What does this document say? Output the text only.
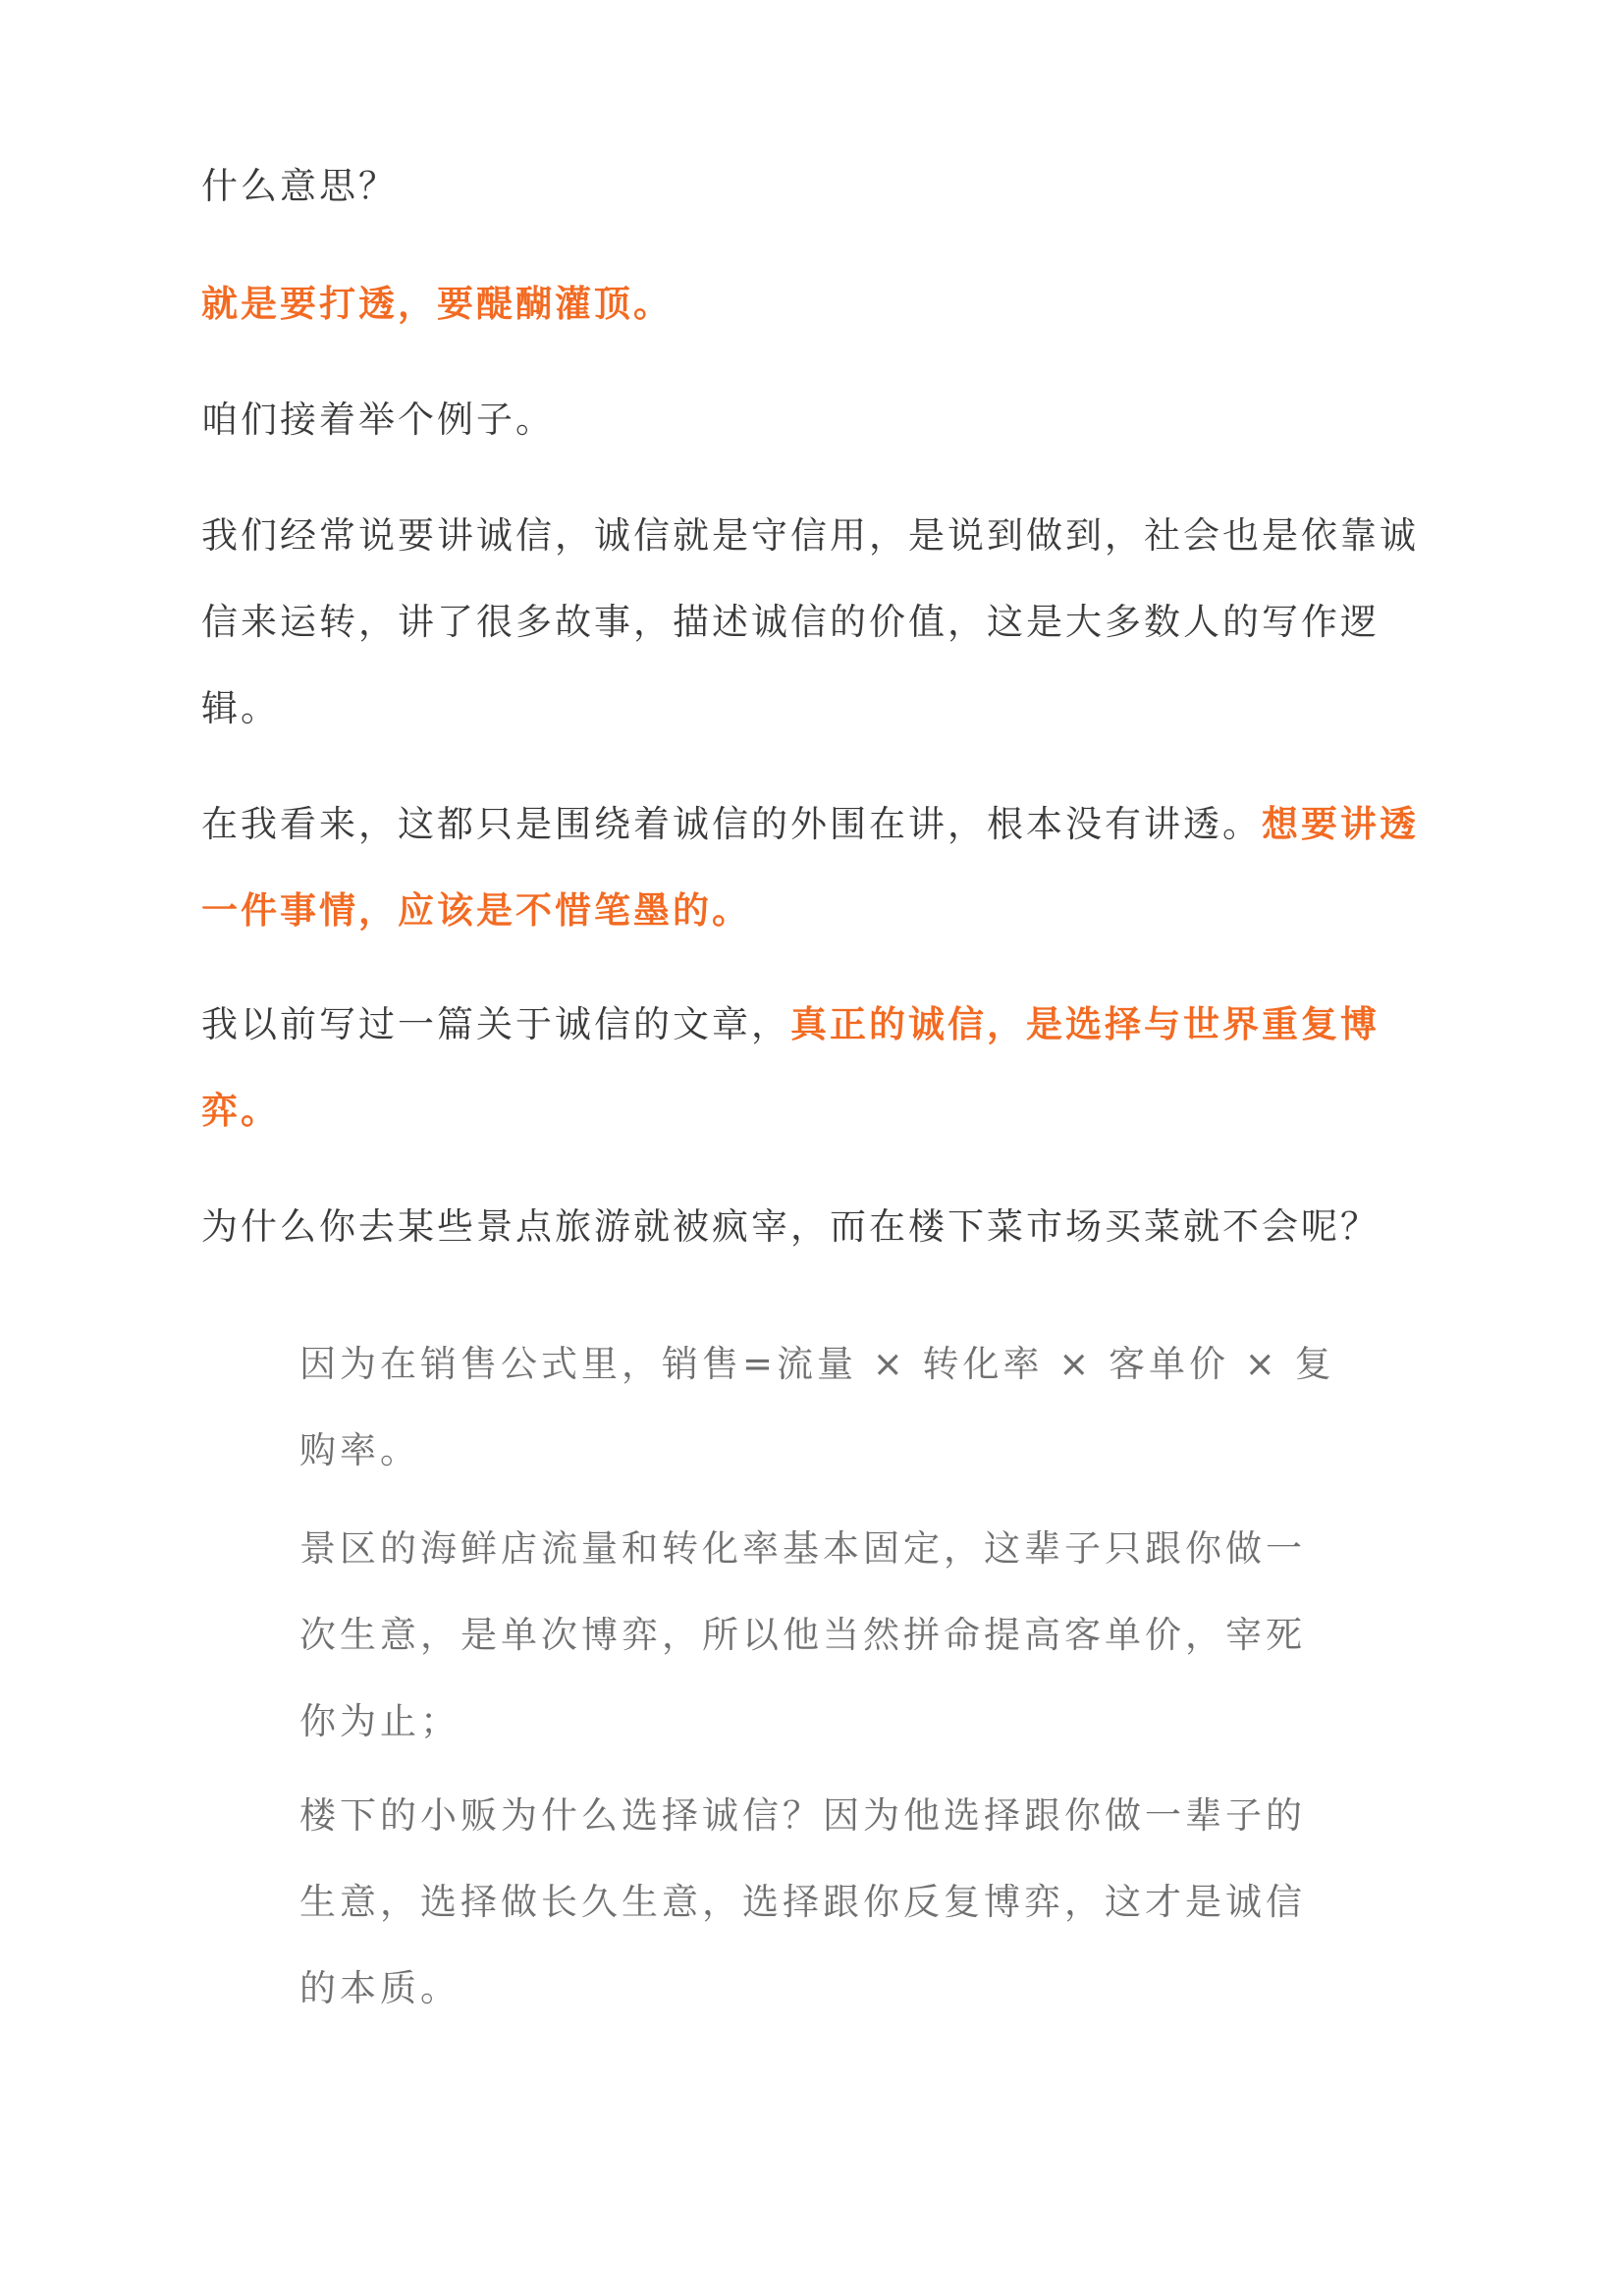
什么意思？

就是要打透，要醍醐灌顶。

咱们接着举个例子。

我们经常说要讲诚信，诚信就是守信用，是说到做到，社会也是依靠诚信来运转，讲了很多故事，描述诚信的价值，这是大多数人的写作逻辑。

在我看来，这都只是围绕着诚信的外围在讲，根本没有讲透。想要讲透一件事情，应该是不惜笔墨的。

我以前写过一篇关于诚信的文章，真正的诚信，是选择与世界重复博弈。

为什么你去某些景点旅游就被疯宰，而在楼下菜市场买菜就不会呢？

因为在销售公式里，销售=流量 × 转化率 × 客单价 × 复购率。

景区的海鲜店流量和转化率基本固定，这辈子只跟你做一次生意，是单次博弈，所以他当然拼命提高客单价，宰死你为止；

楼下的小贩为什么选择诚信？因为他选择跟你做一辈子的生意，选择做长久生意，选择跟你反复博弈，这才是诚信的本质。
